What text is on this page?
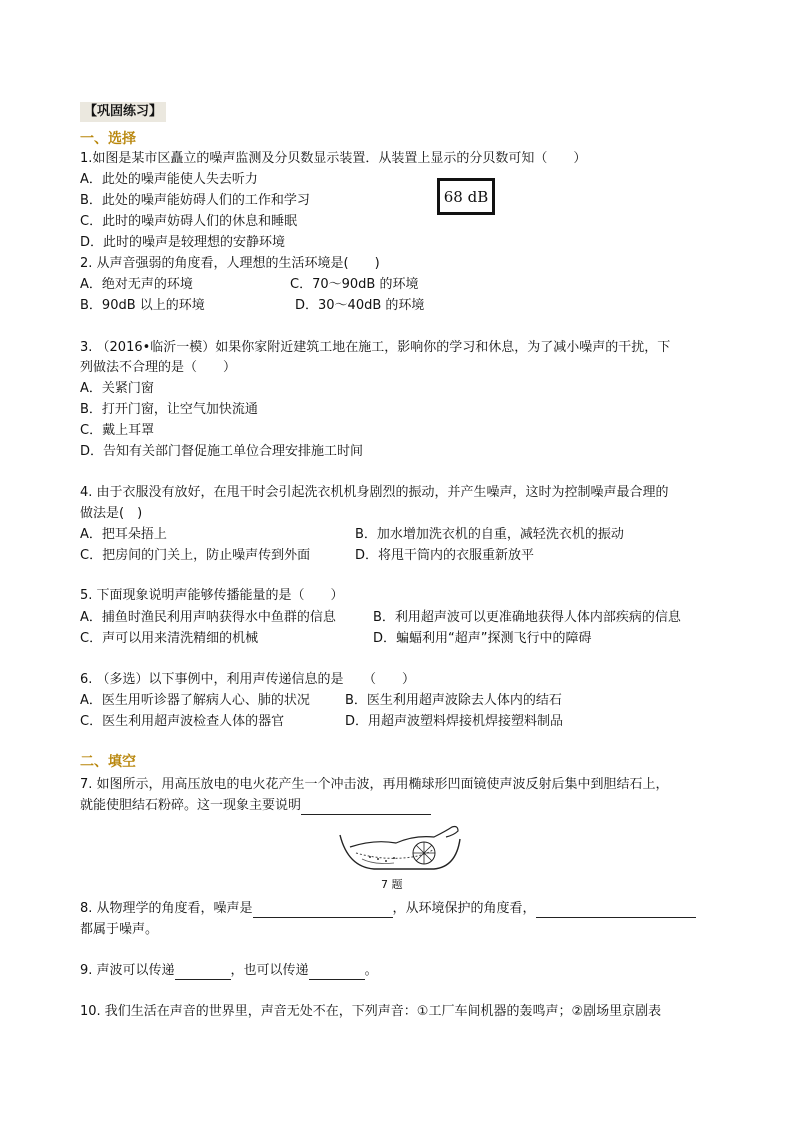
【巩固练习】
一、选择
1.如图是某市区矗立的噪声监测及分贝数显示装置．从装置上显示的分贝数可知（　　）
A．此处的噪声能使人失去听力
B．此处的噪声能妨碍人们的工作和学习
C．此时的噪声妨碍人们的休息和睡眠
D．此时的噪声是较理想的安静环境
68 dB
2. 从声音强弱的角度看，人理想的生活环境是(　　)
A．绝对无声的环境	C．70～90dB 的环境
B．90dB 以上的环境	D．30～40dB 的环境
3. （2016•临沂一模）如果你家附近建筑工地在施工，影响你的学习和休息，为了减小噪声的干扰，下
列做法不合理的是（　　）
A．关紧门窗
B．打开门窗，让空气加快流通
C．戴上耳罩
D．告知有关部门督促施工单位合理安排施工时间
4. 由于衣服没有放好，在甩干时会引起洗衣机机身剧烈的振动，并产生噪声，这时为控制噪声最合理的
做法是(　)
A．把耳朵捂上	B．加水增加洗衣机的自重，减轻洗衣机的振动
C．把房间的门关上，防止噪声传到外面	D．将甩干筒内的衣服重新放平
5. 下面现象说明声能够传播能量的是（　　）
A．捕鱼时渔民利用声呐获得水中鱼群的信息	B．利用超声波可以更准确地获得人体内部疾病的信息
C．声可以用来清洗精细的机械	D．蝙蝠利用“超声”探测飞行中的障碍
6. （多选）以下事例中，利用声传递信息的是　　（　　）
A．医生用听诊器了解病人心、肺的状况	B．医生利用超声波除去人体内的结石
C．医生利用超声波检查人体的器官	D．用超声波塑料焊接机焊接塑料制品
二、填空
7. 如图所示，用高压放电的电火花产生一个冲击波，再用椭球形凹面镜使声波反射后集中到胆结石上，
就能使胆结石粉碎。这一现象主要说明
7 题
8. 从物理学的角度看，噪声是	，从环境保护的角度看，
都属于噪声。
9. 声波可以传递	，也可以传递	。
10. 我们生活在声音的世界里，声音无处不在，下列声音：①工厂车间机器的轰鸣声；②剧场里京剧表
